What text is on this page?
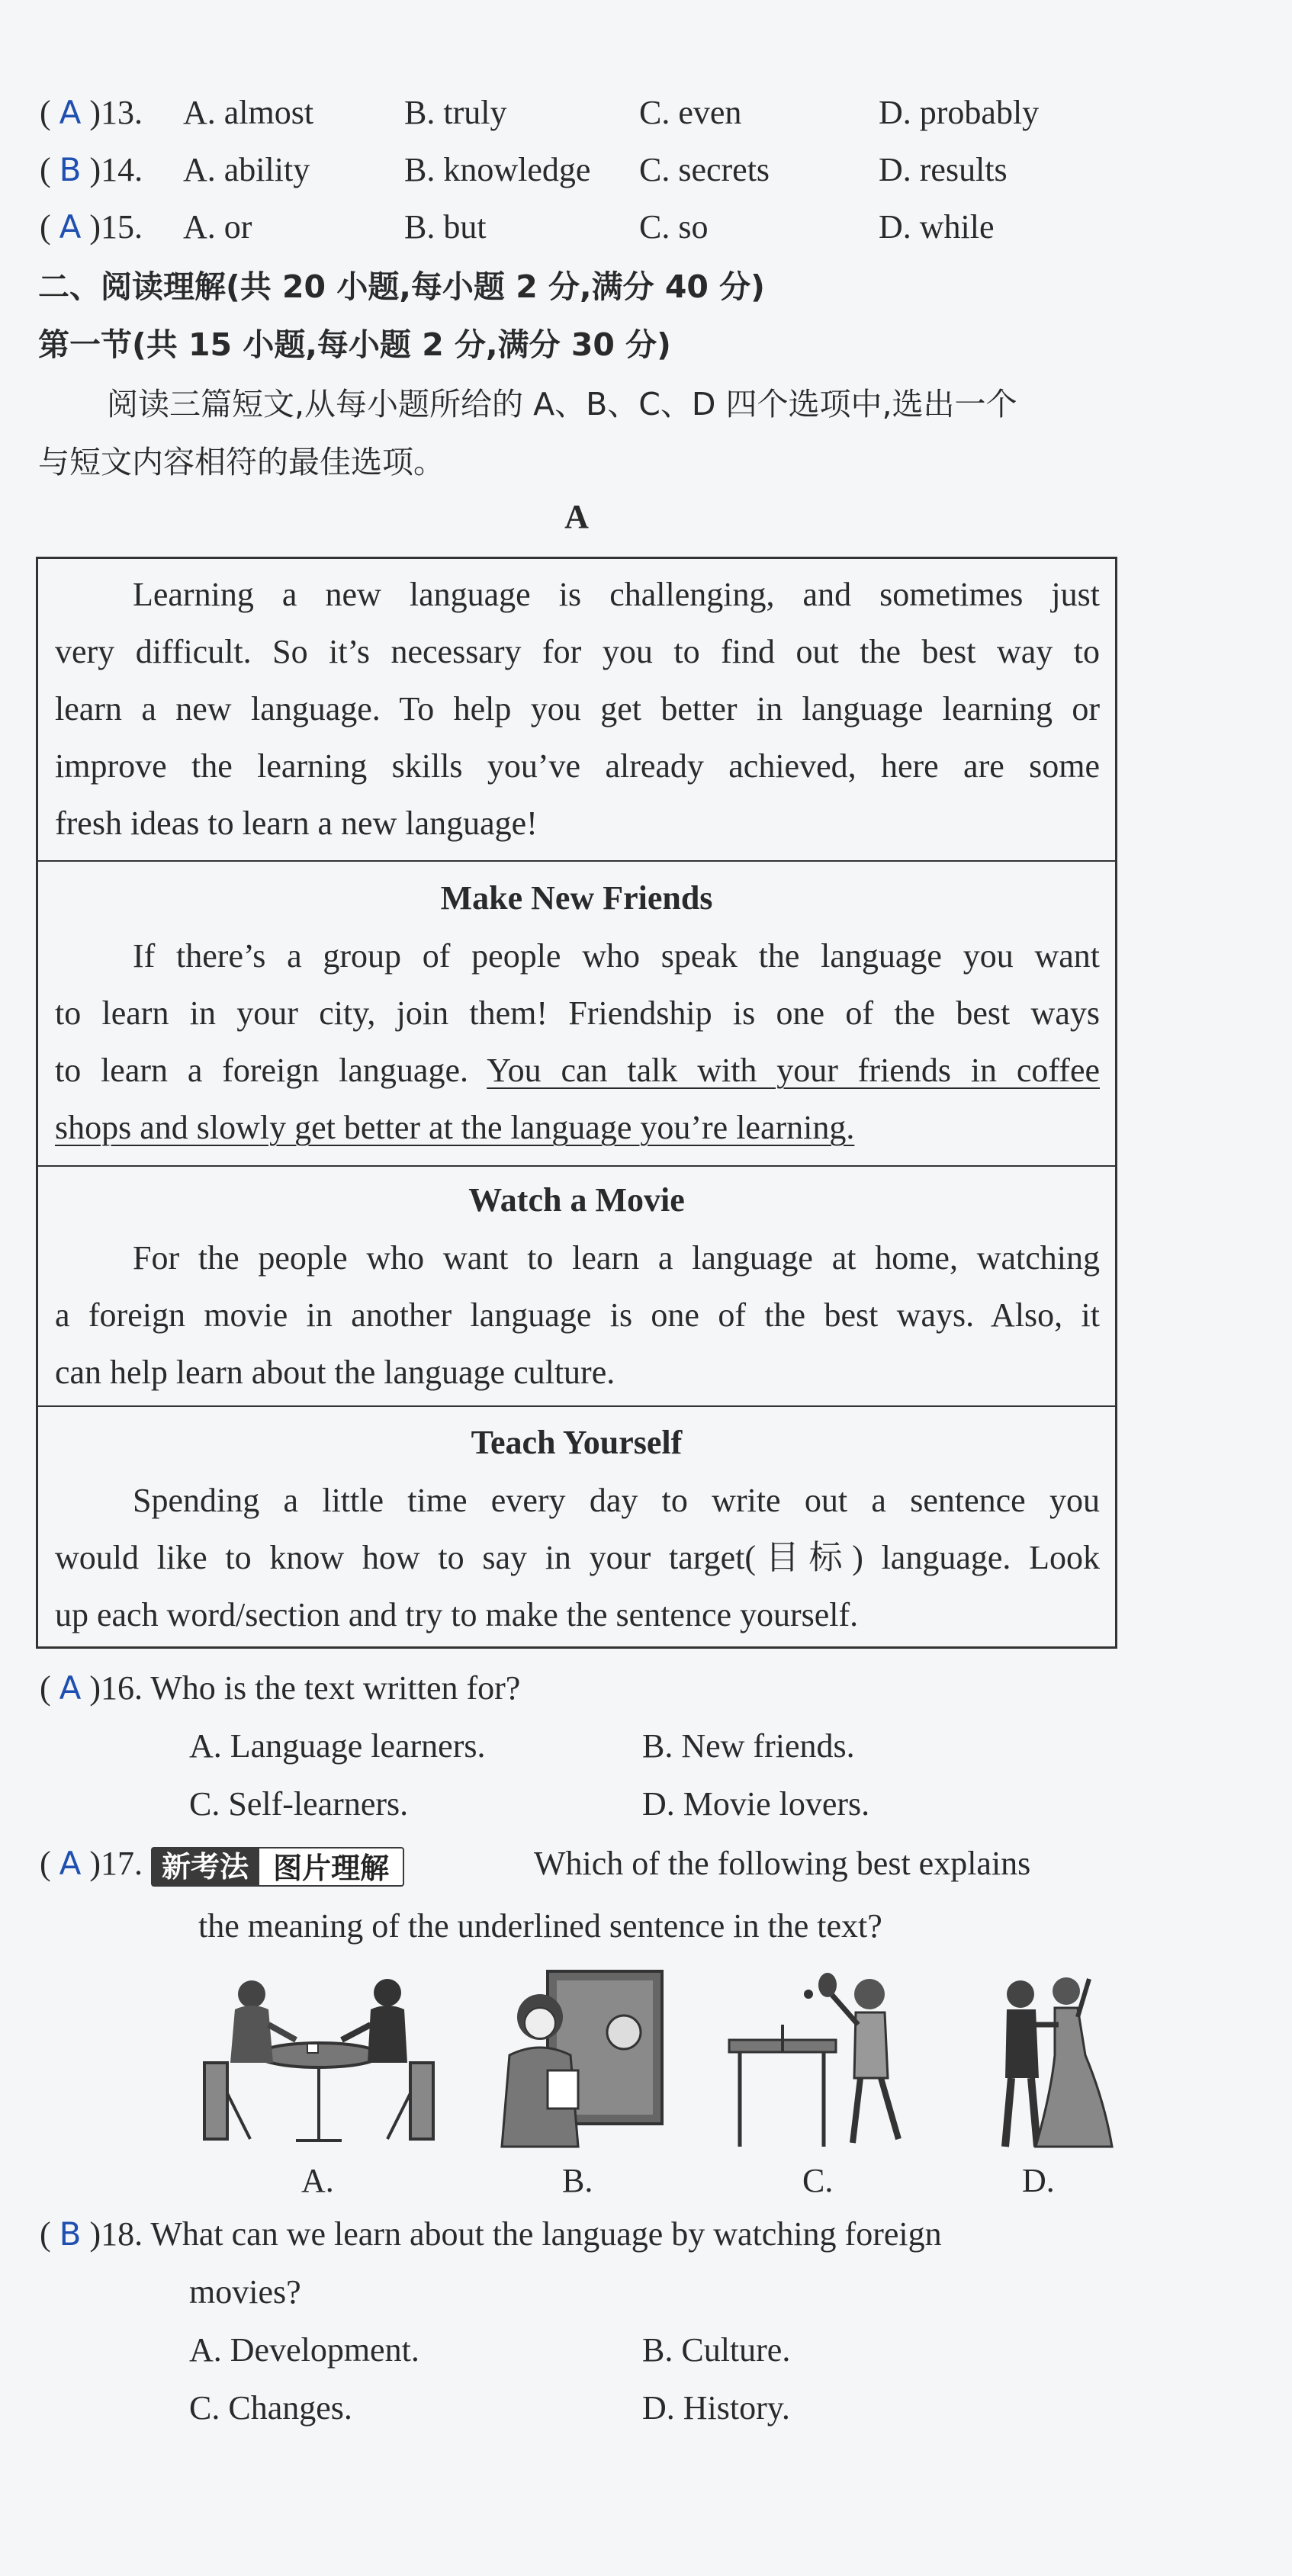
( A )13. A. almost	B. truly	C. even	D. probably
( B )14. A. ability	B. knowledge C. secrets	D. results
( A )15. A. or	B. but	C. so	D. while
二、阅读理解(共 20 小题,每小题 2 分,满分 40 分)
第一节(共 15 小题,每小题 2 分,满分 30 分)
阅读三篇短文,从每小题所给的 A、B、C、D 四个选项中,选出一个
与短文内容相符的最佳选项。
A
Learning a new language is challenging, and sometimes just
very difficult. So it’s necessary for you to find out the best way to
learn a new language. To help you get better in language learning or
improve the learning skills you’ve already achieved, here are some
fresh ideas to learn a new language!
Make New Friends
If there’s a group of people who speak the language you want
to learn in your city, join them! Friendship is one of the best ways
to learn a foreign language. You can talk with your friends in coffee
shops and slowly get better at the language you’re learning.
Watch a Movie
For the people who want to learn a language at home, watching
a foreign movie in another language is one of the best ways. Also, it
can help learn about the language culture.
Teach Yourself
Spending a little time every day to write out a sentence you
would like to know how to say in your target(目标) language. Look
up each word/section and try to make the sentence yourself.
( A )16. Who is the text written for?
A. Language learners.	B. New friends.
C. Self-learners.	D. Movie lovers.
( A )17. 新考法 图片理解	Which of the following best explains
the meaning of the underlined sentence in the text?
A.	B.	C.	D.
( B )18. What can we learn about the language by watching foreign
movies?
A. Development.	B. Culture.
C. Changes.	D. History.
